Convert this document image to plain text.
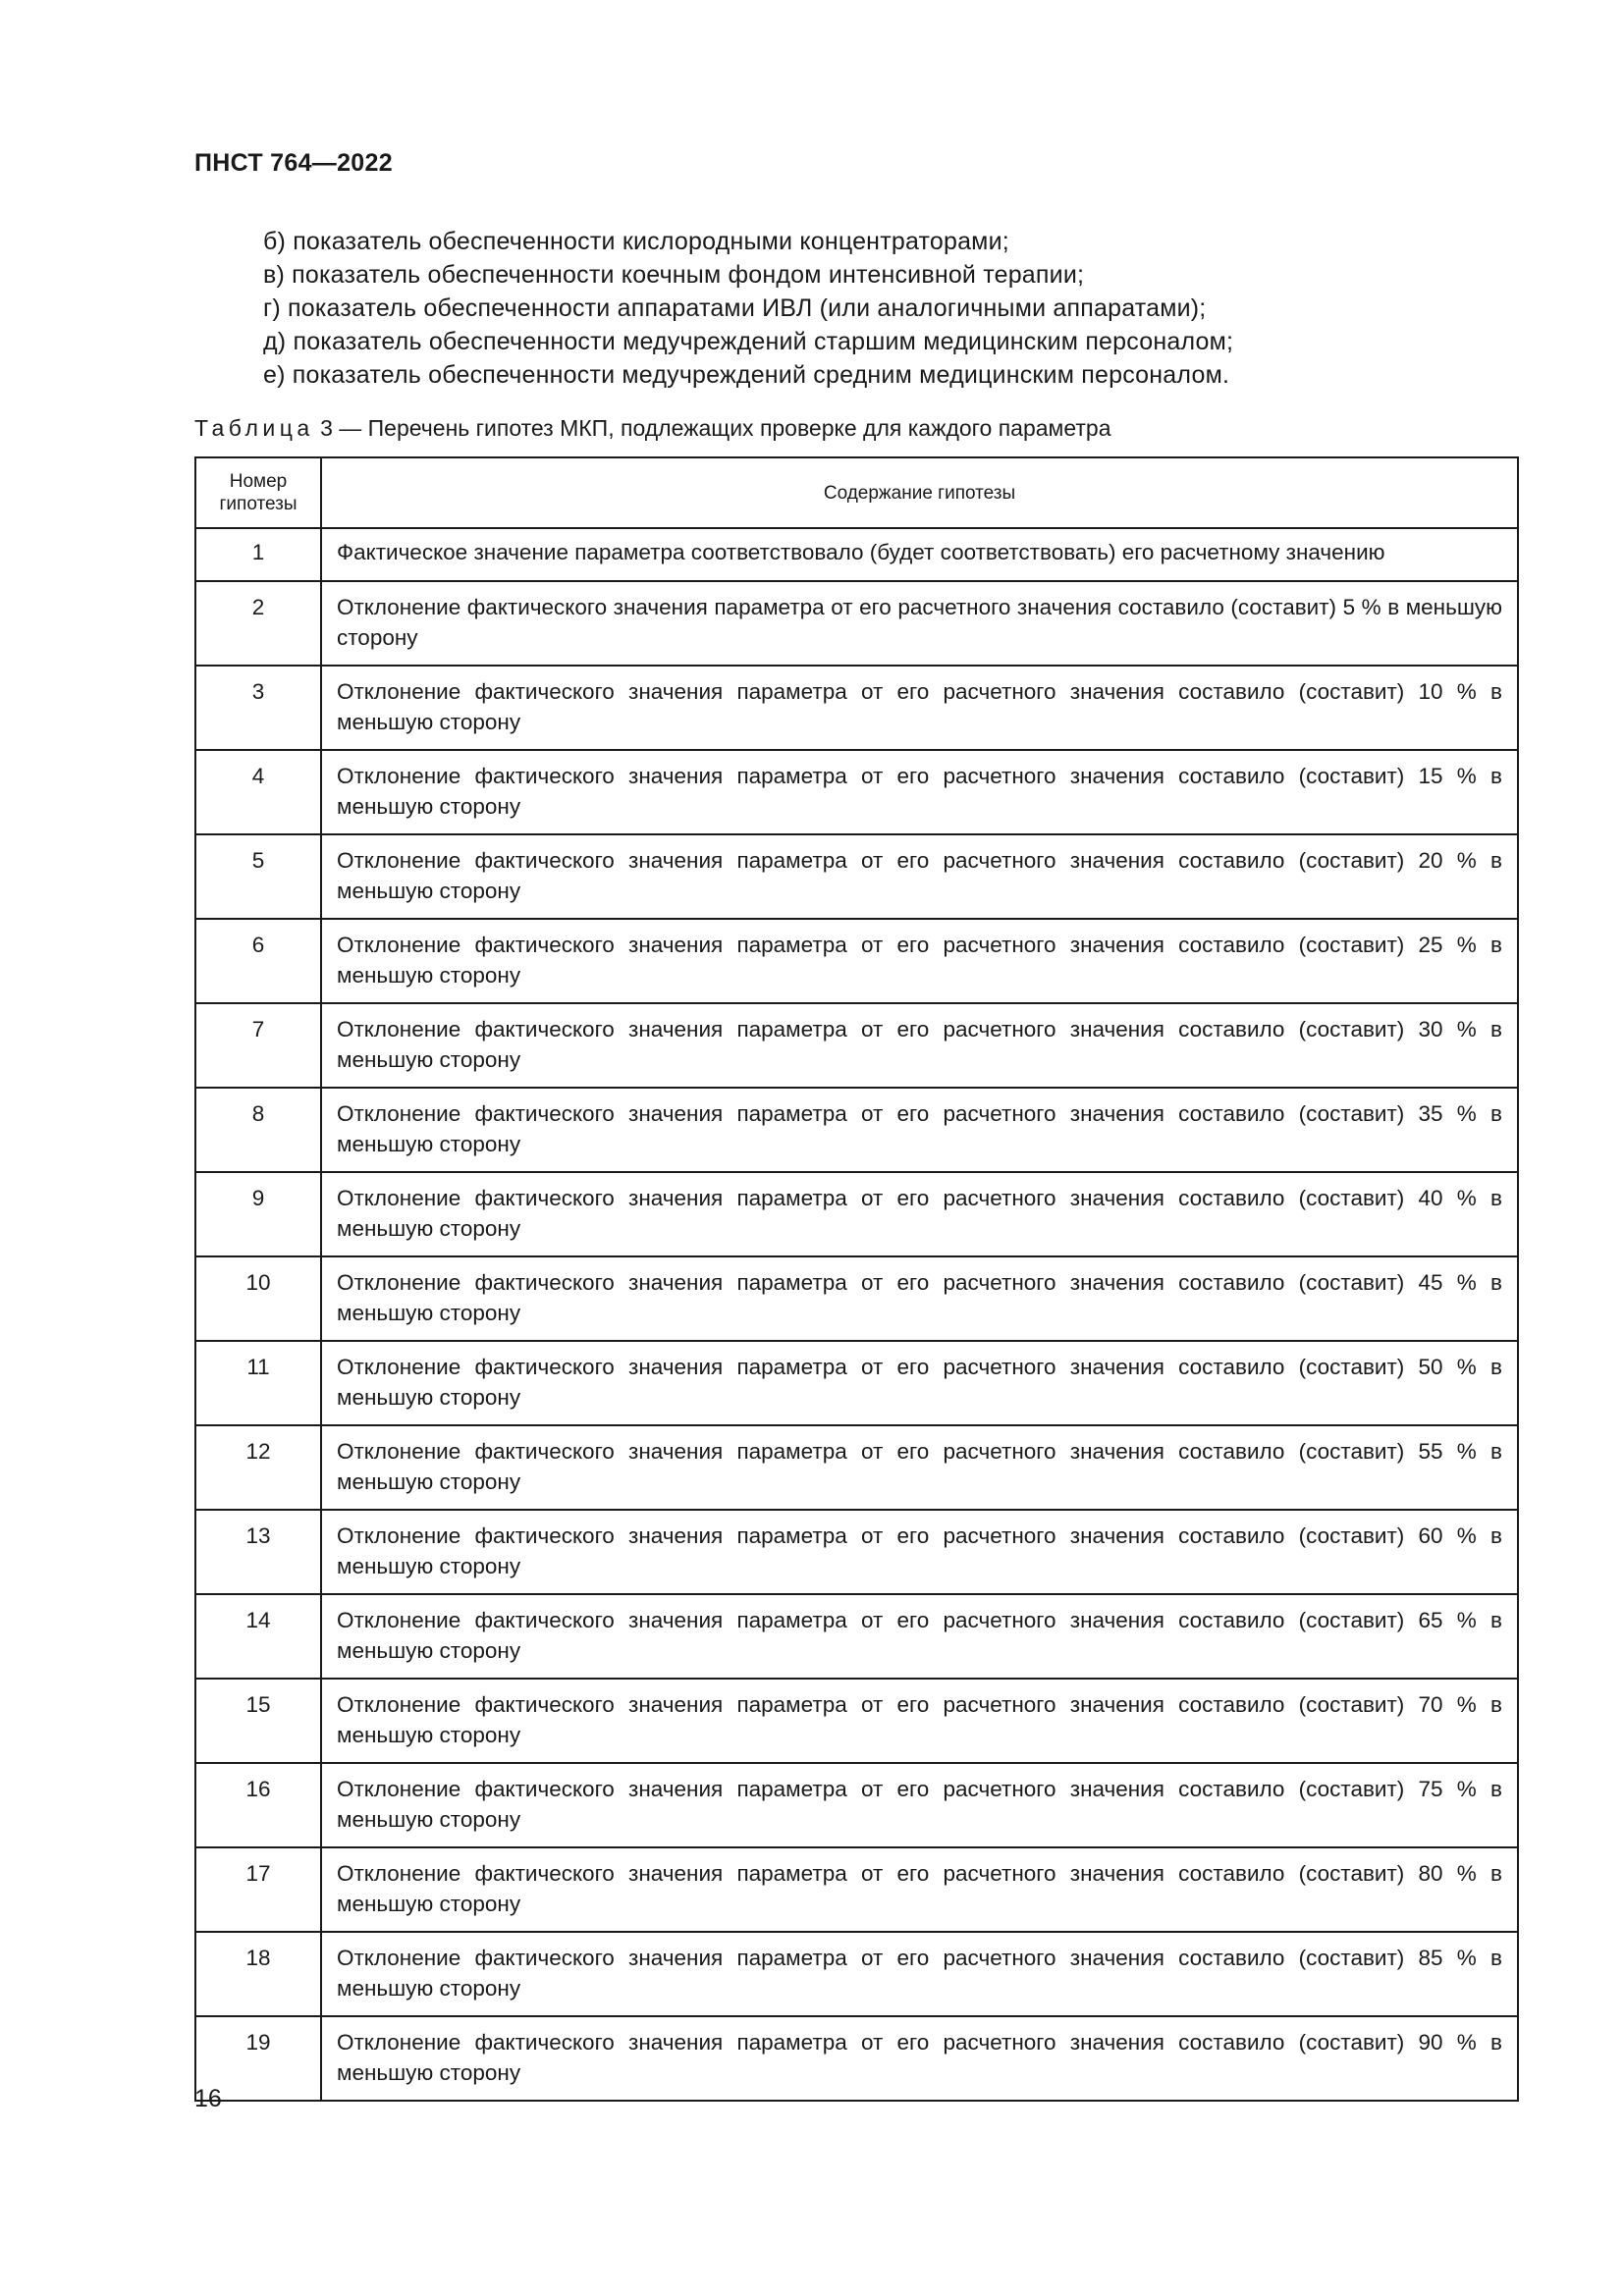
ПНСТ 764—2022
б) показатель обеспеченности кислородными концентраторами;
в) показатель обеспеченности коечным фондом интенсивной терапии;
г) показатель обеспеченности аппаратами ИВЛ (или аналогичными аппаратами);
д) показатель обеспеченности медучреждений старшим медицинским персоналом;
е) показатель обеспеченности медучреждений средним медицинским персоналом.
Таблица 3 — Перечень гипотез МКП, подлежащих проверке для каждого параметра
Номер гипотезы	Содержание гипотезы
1	Фактическое значение параметра соответствовало (будет соответствовать) его расчетному значению
2	Отклонение фактического значения параметра от его расчетного значения составило (составит) 5 % в меньшую сторону
3	Отклонение фактического значения параметра от его расчетного значения составило (составит) 10 % в меньшую сторону
4	Отклонение фактического значения параметра от его расчетного значения составило (составит) 15 % в меньшую сторону
5	Отклонение фактического значения параметра от его расчетного значения составило (составит) 20 % в меньшую сторону
6	Отклонение фактического значения параметра от его расчетного значения составило (составит) 25 % в меньшую сторону
7	Отклонение фактического значения параметра от его расчетного значения составило (составит) 30 % в меньшую сторону
8	Отклонение фактического значения параметра от его расчетного значения составило (составит) 35 % в меньшую сторону
9	Отклонение фактического значения параметра от его расчетного значения составило (составит) 40 % в меньшую сторону
10	Отклонение фактического значения параметра от его расчетного значения составило (составит) 45 % в меньшую сторону
11	Отклонение фактического значения параметра от его расчетного значения составило (составит) 50 % в меньшую сторону
12	Отклонение фактического значения параметра от его расчетного значения составило (составит) 55 % в меньшую сторону
13	Отклонение фактического значения параметра от его расчетного значения составило (составит) 60 % в меньшую сторону
14	Отклонение фактического значения параметра от его расчетного значения составило (составит) 65 % в меньшую сторону
15	Отклонение фактического значения параметра от его расчетного значения составило (составит) 70 % в меньшую сторону
16	Отклонение фактического значения параметра от его расчетного значения составило (составит) 75 % в меньшую сторону
17	Отклонение фактического значения параметра от его расчетного значения составило (составит) 80 % в меньшую сторону
18	Отклонение фактического значения параметра от его расчетного значения составило (составит) 85 % в меньшую сторону
19	Отклонение фактического значения параметра от его расчетного значения составило (составит) 90 % в меньшую сторону
16
